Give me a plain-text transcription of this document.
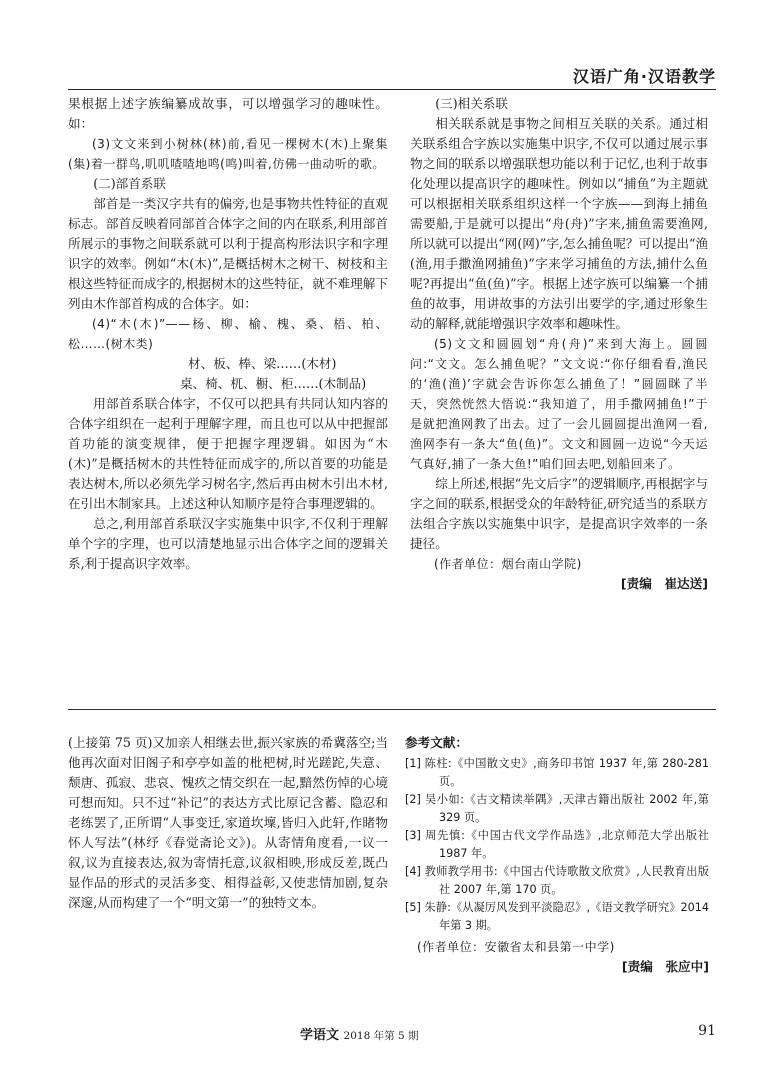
汉语广角·汉语教学

果根据上述字族编纂成故事，可以增强学习的趣味性。如：

(3)文文来到小树林(林)前,看见一棵树木(木)上聚集(集)着一群鸟,叽叽喳喳地鸣(鸣)叫着,仿佛一曲动听的歌。

(二)部首系联

部首是一类汉字共有的偏旁,也是事物共性特征的直观标志。部首反映着同部首合体字之间的内在联系,利用部首所展示的事物之间联系就可以利于提高构形法识字和字理识字的效率。例如“木(木)”,是概括树木之树干、树枝和主根这些特征而成字的,根据树木的这些特征，就不难理解下列由木作部首构成的合体字。如：

(4)“木(木)”——杨、柳、榆、槐、桑、梧、柏、松……(树木类)

材、板、棒、梁……(木材)

桌、椅、杌、橱、柜……(木制品)

用部首系联合体字，不仅可以把具有共同认知内容的合体字组织在一起利于理解字理，而且也可以从中把握部首功能的演变规律，便于把握字理逻辑。如因为“木(木)”是概括树木的共性特征而成字的,所以首要的功能是表达树木,所以必须先学习树名字,然后再由树木引出木材,在引出木制家具。上述这种认知顺序是符合事理逻辑的。

总之,利用部首系联汉字实施集中识字,不仅利于理解单个字的字理，也可以清楚地显示出合体字之间的逻辑关系,利于提高识字效率。

(三)相关系联

相关联系就是事物之间相互关联的关系。通过相关联系组合字族以实施集中识字,不仅可以通过展示事物之间的联系以增强联想功能以利于记忆,也利于故事化处理以提高识字的趣味性。例如以“捕鱼”为主题就可以根据相关联系组织这样一个字族——到海上捕鱼需要船,于是就可以提出“舟(舟)”字来,捕鱼需要渔网,所以就可以提出“网(网)”字,怎么捕鱼呢？可以提出“渔(渔,用手撒渔网捕鱼)”字来学习捕鱼的方法,捕什么鱼呢?再提出“鱼(鱼)”字。根据上述字族可以编纂一个捕鱼的故事，用讲故事的方法引出要学的字,通过形象生动的解释,就能增强识字效率和趣味性。

(5)文文和圆圆划“舟(舟)”来到大海上。圆圆问:“文文。怎么捕鱼呢？”文文说:“你仔细看看,渔民的‘渔(渔)’字就会告诉你怎么捕鱼了！”圆圆眯了半天，突然恍然大悟说:“我知道了，用手撒网捕鱼!”于是就把渔网教了出去。过了一会儿圆圆提出渔网一看,渔网李有一条大“鱼(鱼)”。文文和圆圆一边说“今天运气真好,捕了一条大鱼!”咱们回去吧,划船回来了。

综上所述,根据“先文后字”的逻辑顺序,再根据字与字之间的联系,根据受众的年龄特征,研究适当的系联方法组合字族以实施集中识字，是提高识字效率的一条捷径。

(作者单位：烟台南山学院)

[责编　崔达送]

(上接第 75 页)又加亲人相继去世,振兴家族的希冀落空;当他再次面对旧阁子和亭亭如盖的枇杷树,时光蹉跎,失意、颓唐、孤寂、悲哀、愧疚之情交织在一起,黯然伤悼的心境可想而知。只不过“补记”的表达方式比原记含蓄、隐忍和老练罢了,正所谓“人事变迁,家道坎壈,皆归入此轩,作睹物怀人写法”(林纾《春觉斋论文》)。从寄情角度看,一议一叙,议为直接表达,叙为寄情托意,议叙相映,形成反差,既凸显作品的形式的灵活多变、相得益彰,又使悲情加剧,复杂深邃,从而构建了一个“明文第一”的独特文本。

参考文献：

[1] 陈柱:《中国散文史》,商务印书馆 1937 年,第 280-281 页。

[2] 吴小如:《古文精读举隅》,天津古籍出版社 2002 年,第 329 页。

[3] 周先慎:《中国古代文学作品选》,北京师范大学出版社 1987 年。

[4] 教师教学用书:《中国古代诗歌散文欣赏》,人民教育出版社 2007 年,第 170 页。

[5] 朱静:《从凝厉风发到平淡隐忍》,《语文教学研究》2014 年第 3 期。

(作者单位：安徽省太和县第一中学)

[责编　张应中]

学语文 2018 年第 5 期	91
